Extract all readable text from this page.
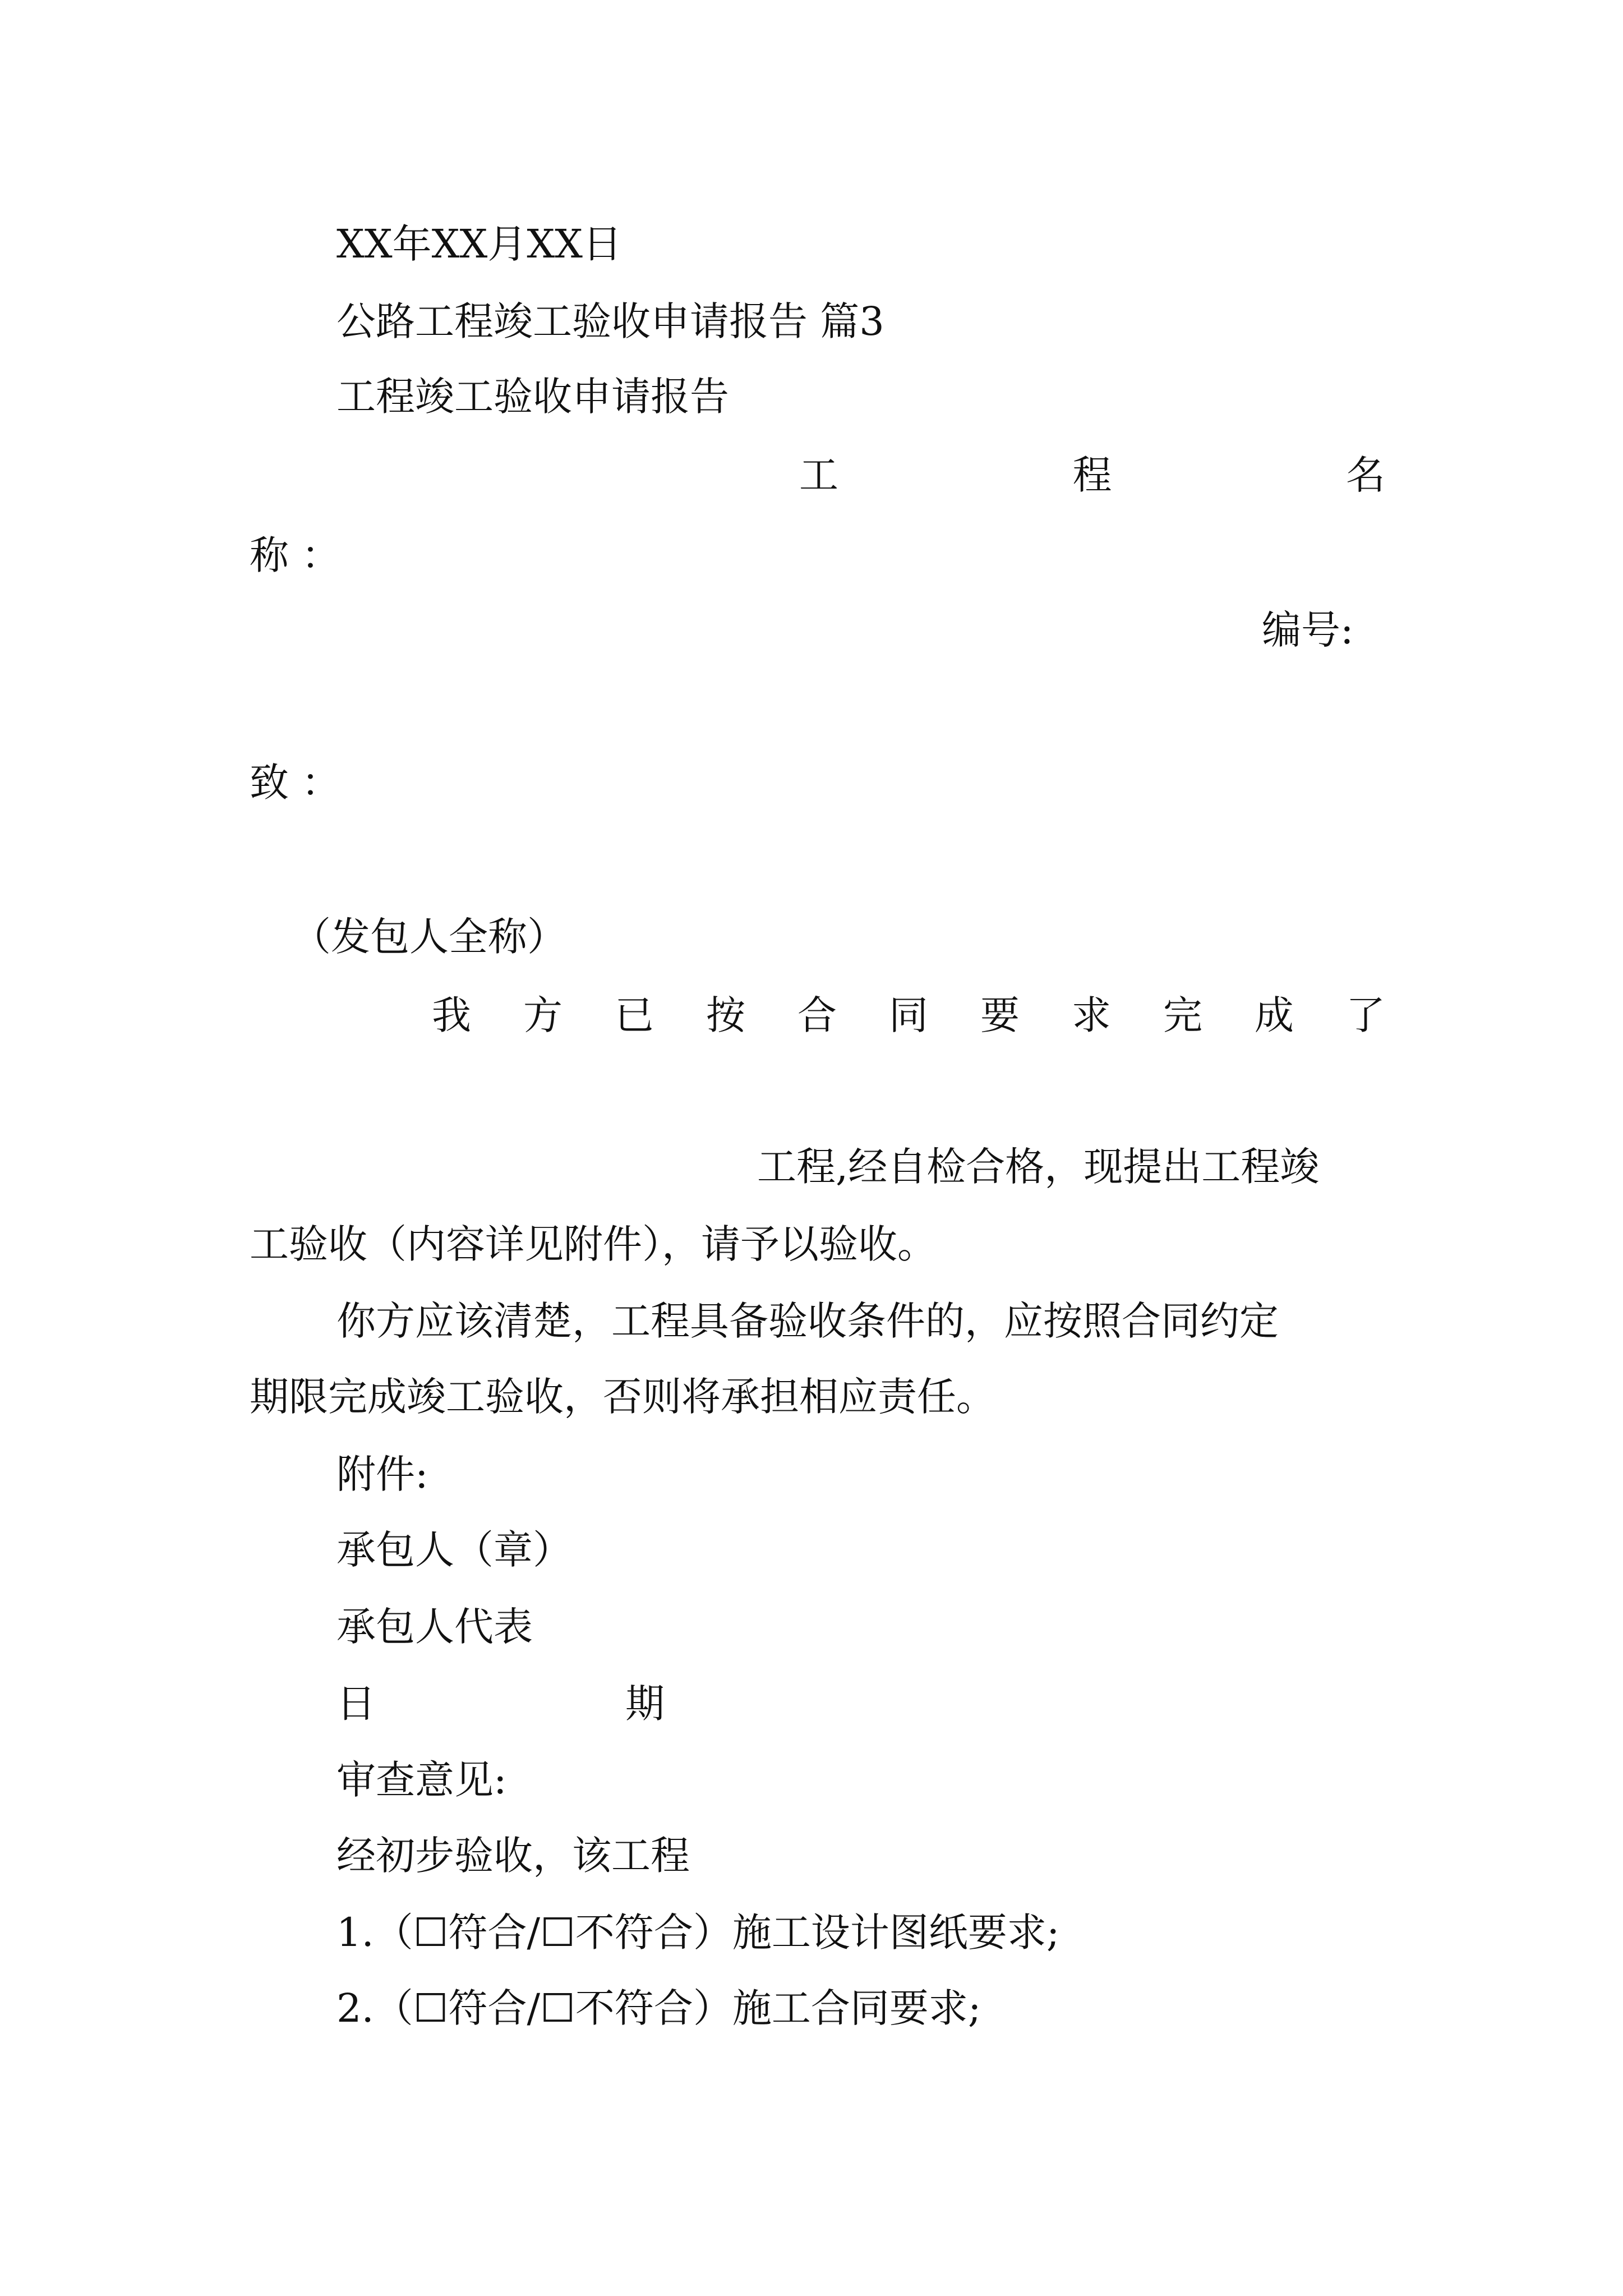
XX年XX月XX日
公路工程竣工验收申请报告 篇3
工程竣工验收申请报告
工	程	名
称 ：
编号:
致 ：
（发包人全称）
我 方 已 按 合 同 要 求 完 成 了
工程,经自检合格，现提出工程竣
工验收（内容详见附件），请予以验收。
你方应该清楚，工程具备验收条件的，应按照合同约定
期限完成竣工验收，否则将承担相应责任。
附件:
承包人（章）
承包人代表
日	期
审查意见:
经初步验收，该工程
1.（☐符合/☐不符合）施工设计图纸要求;
2.（☐符合/☐不符合）施工合同要求;
